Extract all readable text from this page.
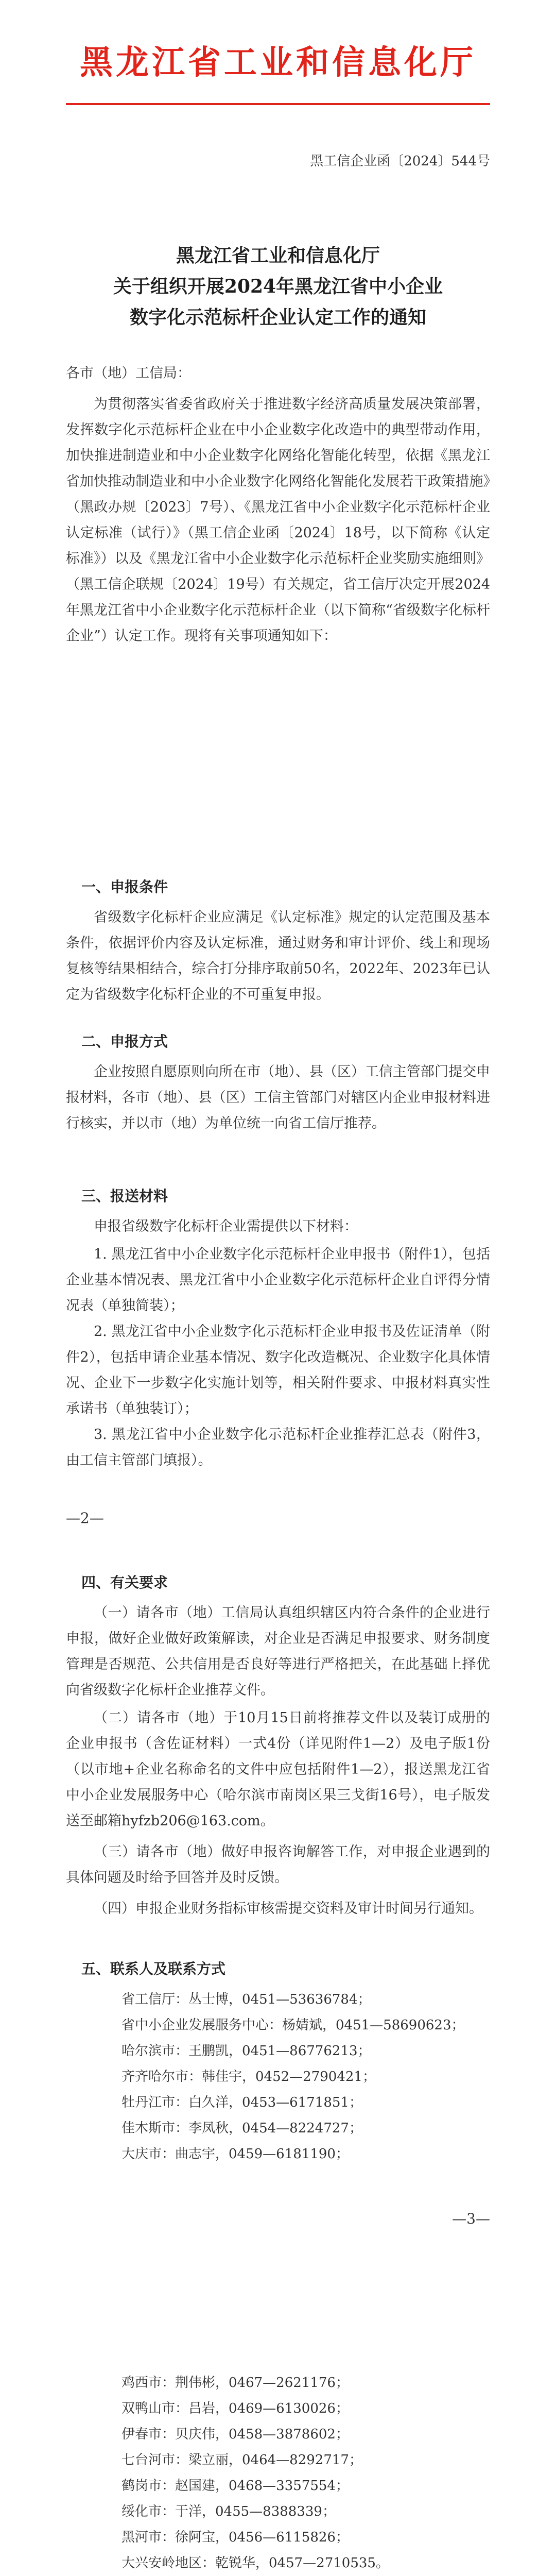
黑龙江省工业和信息化厅
黑工信企业函〔2024〕544号
黑龙江省工业和信息化厅
关于组织开展2024年黑龙江省中小企业
数字化示范标杆企业认定工作的通知
各市（地）工信局：
为贯彻落实省委省政府关于推进数字经济高质量发展决策部署，发挥数字化示范标杆企业在中小企业数字化改造中的典型带动作用，加快推进制造业和中小企业数字化网络化智能化转型，依据《黑龙江省加快推动制造业和中小企业数字化网络化智能化发展若干政策措施》（黑政办规〔2023〕7号）、《黑龙江省中小企业数字化示范标杆企业认定标准（试行）》（黑工信企业函〔2024〕18号，以下简称《认定标准》）以及《黑龙江省中小企业数字化示范标杆企业奖励实施细则》（黑工信企联规〔2024〕19号）有关规定，省工信厅决定开展2024年黑龙江省中小企业数字化示范标杆企业（以下简称“省级数字化标杆企业”）认定工作。现将有关事项通知如下：
一、申报条件
省级数字化标杆企业应满足《认定标准》规定的认定范围及基本条件，依据评价内容及认定标准，通过财务和审计评价、线上和现场复核等结果相结合，综合打分排序取前50名，2022年、2023年已认定为省级数字化标杆企业的不可重复申报。
二、申报方式
企业按照自愿原则向所在市（地）、县（区）工信主管部门提交申报材料，各市（地）、县（区）工信主管部门对辖区内企业申报材料进行核实，并以市（地）为单位统一向省工信厅推荐。
三、报送材料
申报省级数字化标杆企业需提供以下材料：
1. 黑龙江省中小企业数字化示范标杆企业申报书（附件1），包括企业基本情况表、黑龙江省中小企业数字化示范标杆企业自评得分情况表（单独简装）；
2. 黑龙江省中小企业数字化示范标杆企业申报书及佐证清单（附件2），包括申请企业基本情况、数字化改造概况、企业数字化具体情况、企业下一步数字化实施计划等，相关附件要求、申报材料真实性承诺书（单独装订）；
3. 黑龙江省中小企业数字化示范标杆企业推荐汇总表（附件3，由工信主管部门填报）。
—2—
四、有关要求
（一）请各市（地）工信局认真组织辖区内符合条件的企业进行申报，做好企业做好政策解读，对企业是否满足申报要求、财务制度管理是否规范、公共信用是否良好等进行严格把关，在此基础上择优向省级数字化标杆企业推荐文件。
（二）请各市（地）于10月15日前将推荐文件以及装订成册的企业申报书（含佐证材料）一式4份（详见附件1—2）及电子版1份（以市地+企业名称命名的文件中应包括附件1—2），报送黑龙江省中小企业发展服务中心（哈尔滨市南岗区果三戈街16号），电子版发送至邮箱hyfzb206@163.com。
（三）请各市（地）做好申报咨询解答工作，对申报企业遇到的具体问题及时给予回答并及时反馈。
（四）申报企业财务指标审核需提交资料及审计时间另行通知。
五、联系人及联系方式
省工信厅：丛士博，0451—53636784；
省中小企业发展服务中心：杨婧斌，0451—58690623；
哈尔滨市：王鹏凯，0451—86776213；
齐齐哈尔市：韩佳宇，0452—2790421；
牡丹江市：白久洋，0453—6171851；
佳木斯市：李凤秋，0454—8224727；
大庆市：曲志宇，0459—6181190；
—3—
鸡西市：荆伟彬，0467—2621176；
双鸭山市：吕岩，0469—6130026；
伊春市：贝庆伟，0458—3878602；
七台河市：梁立丽，0464—8292717；
鹤岗市：赵国建，0468—3357554；
绥化市：于洋，0455—8388339；
黑河市：徐阿宝，0456—6115826；
大兴安岭地区：乾锐华，0457—2710535。
